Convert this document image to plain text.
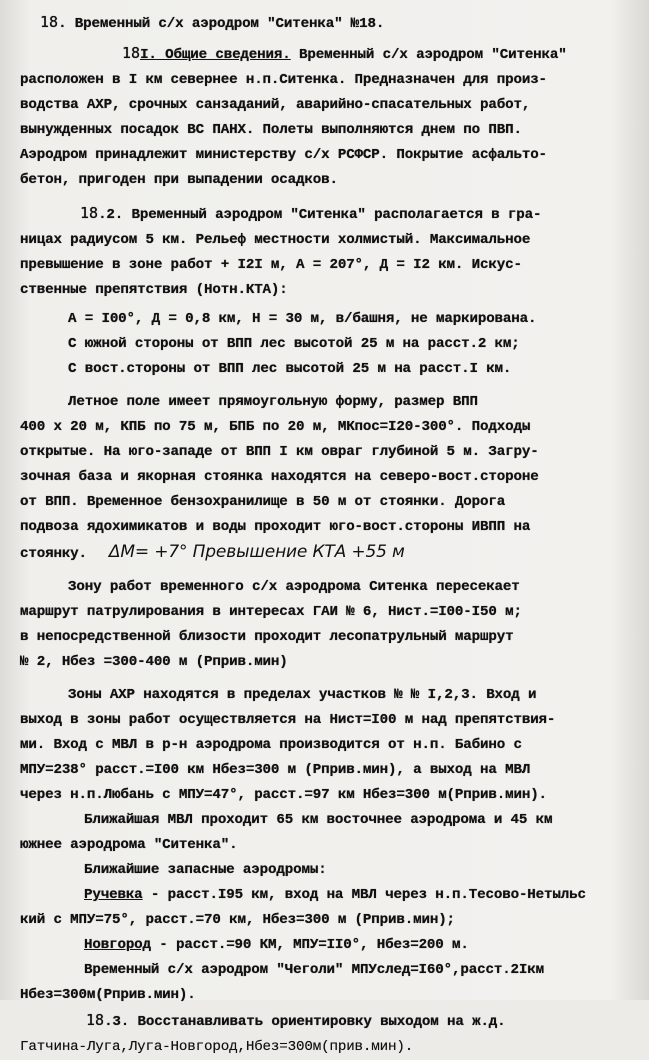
18. Временный с/х аэродром "Ситенка" №18.
18I. Общие сведения. Временный с/х аэродром "Ситенка"
расположен в I км севернее н.п.Ситенка. Предназначен для произ-
водства АХР, срочных санзаданий, аварийно-спасательных работ,
вынужденных посадок ВС ПАНХ. Полеты выполняются днем по ПВП.
Аэродром принадлежит министерству с/х РСФСР. Покрытие асфальто-
бетон, пригоден при выпадении осадков.
18.2. Временный аэродром "Ситенка" располагается в гра-
ницах радиусом 5 км. Рельеф местности холмистый. Максимальное
превышение в зоне работ + I2I м, А = 207°, Д = I2 км. Искус-
ственные препятствия (Нотн.КТА):
А = I00°, Д = 0,8 км, Н = 30 м, в/башня, не маркирована.
С южной стороны от ВПП лес высотой 25 м на расст.2 км;
С вост.стороны от ВПП лес высотой 25 м на расст.I км.
Летное поле имеет прямоугольную форму, размер ВПП
400 х 20 м, КПБ по 75 м, БПБ по 20 м, МКпос=I20-300°. Подходы
открытые. На юго-западе от ВПП I км овраг глубиной 5 м. Загру-
зочная база и якорная стоянка находятся на северо-вост.стороне
от ВПП. Временное бензохранилище в 50 м от стоянки. Дорога
подвоза ядохимикатов и воды проходит юго-вост.стороны ИВПП на
стоянку. ΔM= +7° Превышение КТА +55 м
Зону работ временного с/х аэродрома Ситенка пересекает
маршрут патрулирования в интересах ГАИ № 6, Нист.=I00-I50 м;
в непосредственной близости проходит лесопатрульный маршрут
№ 2, Нбез =300-400 м (Рприв.мин)
Зоны АХР находятся в пределах участков № № I,2,3. Вход и
выход в зоны работ осуществляется на Нист=I00 м над препятствия-
ми. Вход с МВЛ в р-н аэродрома производится от н.п. Бабино с
МПУ=238° расст.=I00 км Нбез=300 м (Рприв.мин), а выход на МВЛ
через н.п.Любань с МПУ=47°, расст.=97 км Нбез=300 м(Рприв.мин).
Ближайшая МВЛ проходит 65 км восточнее аэродрома и 45 км
южнее аэродрома "Ситенка".
Ближайшие запасные аэродромы:
Ручевка - расст.I95 км, вход на МВЛ через н.п.Тесово-Нетыльс
кий с МПУ=75°, расст.=70 км, Нбез=300 м (Рприв.мин);
Новгород - расст.=90 КМ, МПУ=II0°, Нбез=200 м.
Временный с/х аэродром "Чеголи" МПУслед=I60°,расст.2Iкм
Нбез=300м(Рприв.мин).
18.3. Восстанавливать ориентировку выходом на ж.д.
Гатчина-Луга,Луга-Новгород,Нбез=300м(прив.мин).
